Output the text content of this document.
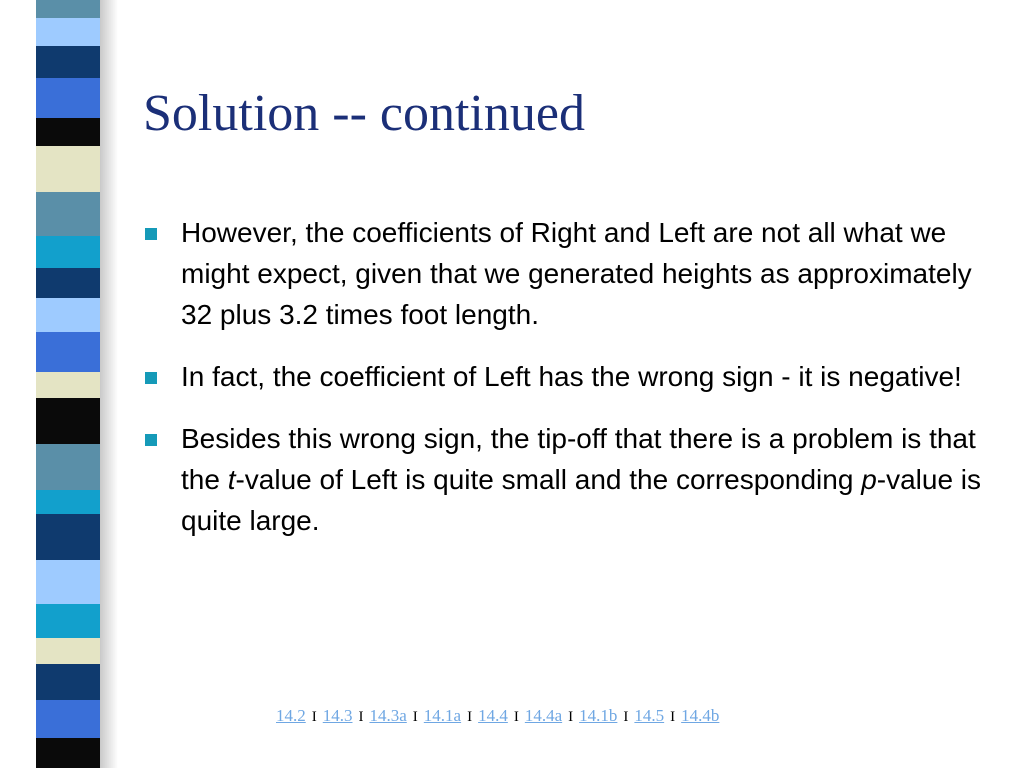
Solution -- continued
However, the coefficients of Right and Left are not all what we might expect, given that we generated heights as approximately 32 plus 3.2 times foot length.
In fact, the coefficient of Left has the wrong sign - it is negative!
Besides this wrong sign, the tip-off that there is a problem is that the t-value of Left is quite small and the corresponding p-value is quite large.
14.2 I 14.3 I 14.3a I 14.1a I 14.4 I 14.4a I 14.1b I 14.5 I 14.4b
